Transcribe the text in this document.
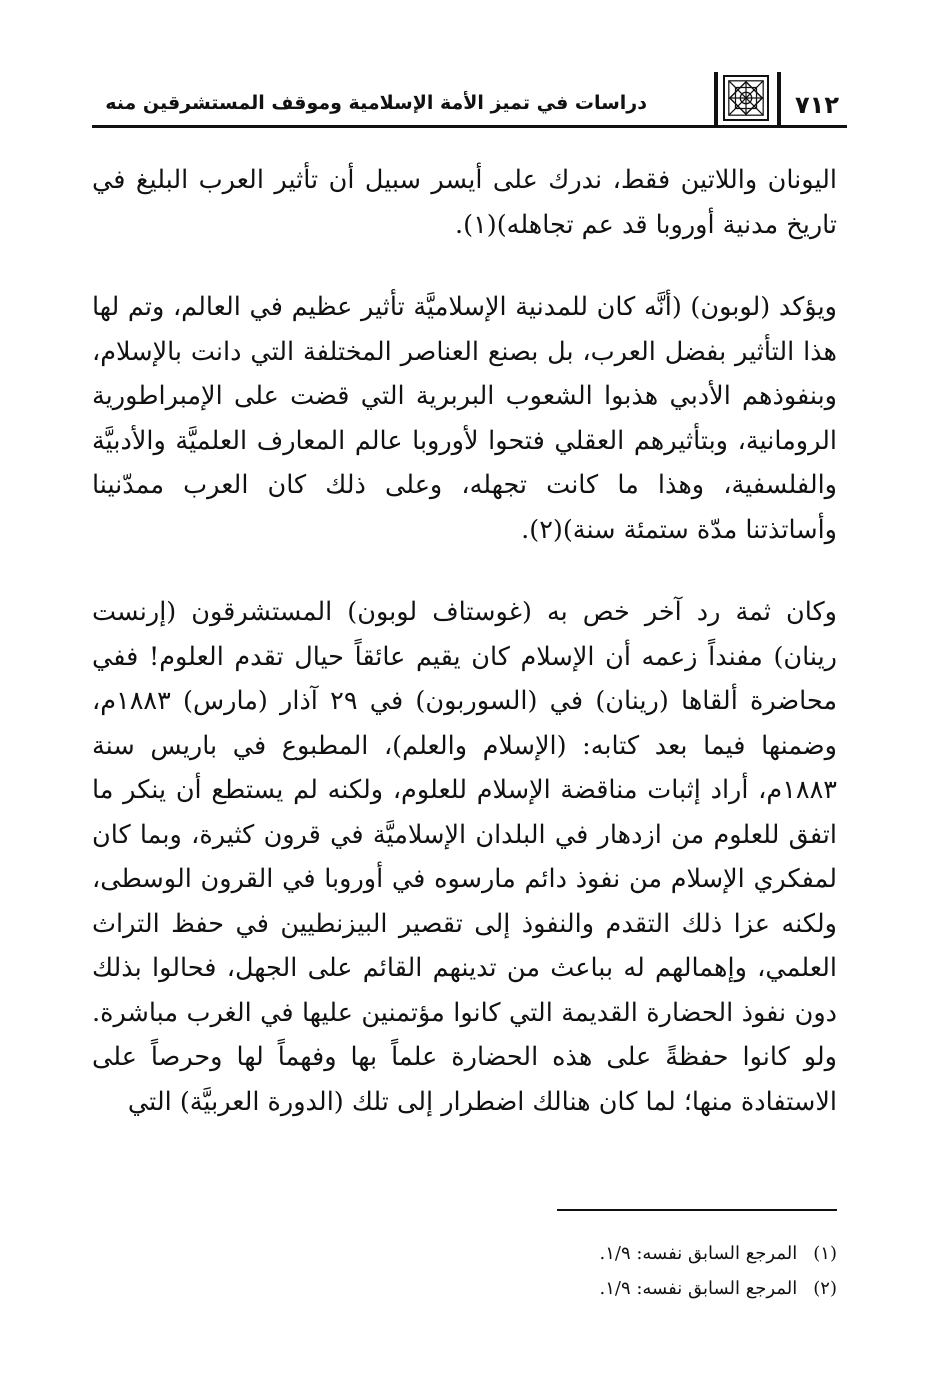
دراسات في تميز الأمة الإسلامية وموقف المستشرقين منه	٧١٢

اليونان واللاتين فقط، ندرك على أيسر سبيل أن تأثير العرب البليغ في تاريخ مدنية أوروبا قد عم تجاهله)(١).

ويؤكد (لوبون) (أنَّه كان للمدنية الإسلاميَّة تأثير عظيم في العالم، وتم لها هذا التأثير بفضل العرب، بل بصنع العناصر المختلفة التي دانت بالإسلام، وبنفوذهم الأدبي هذبوا الشعوب البربرية التي قضت على الإمبراطورية الرومانية، وبتأثيرهم العقلي فتحوا لأوروبا عالم المعارف العلميَّة والأدبيَّة والفلسفية، وهذا ما كانت تجهله، وعلى ذلك كان العرب ممدّنينا وأساتذتنا مدّة ستمئة سنة)(٢).

وكان ثمة رد آخر خص به (غوستاف لوبون) المستشرقون (إرنست رينان) مفنداً زعمه أن الإسلام كان يقيم عائقاً حيال تقدم العلوم! ففي محاضرة ألقاها (رينان) في (السوربون) في ٢٩ آذار (مارس) ١٨٨٣م، وضمنها فيما بعد كتابه: (الإسلام والعلم)، المطبوع في باريس سنة ١٨٨٣م، أراد إثبات مناقضة الإسلام للعلوم، ولكنه لم يستطع أن ينكر ما اتفق للعلوم من ازدهار في البلدان الإسلاميَّة في قرون كثيرة، وبما كان لمفكري الإسلام من نفوذ دائم مارسوه في أوروبا في القرون الوسطى، ولكنه عزا ذلك التقدم والنفوذ إلى تقصير البيزنطيين في حفظ التراث العلمي، وإهمالهم له بباعث من تدينهم القائم على الجهل، فحالوا بذلك دون نفوذ الحضارة القديمة التي كانوا مؤتمنين عليها في الغرب مباشرة. ولو كانوا حفظةً على هذه الحضارة علماً بها وفهماً لها وحرصاً على الاستفادة منها؛ لما كان هنالك اضطرار إلى تلك (الدورة العربيَّة) التي

(١)المرجع السابق نفسه: ١/٩.
(٢)المرجع السابق نفسه: ١/٩.
